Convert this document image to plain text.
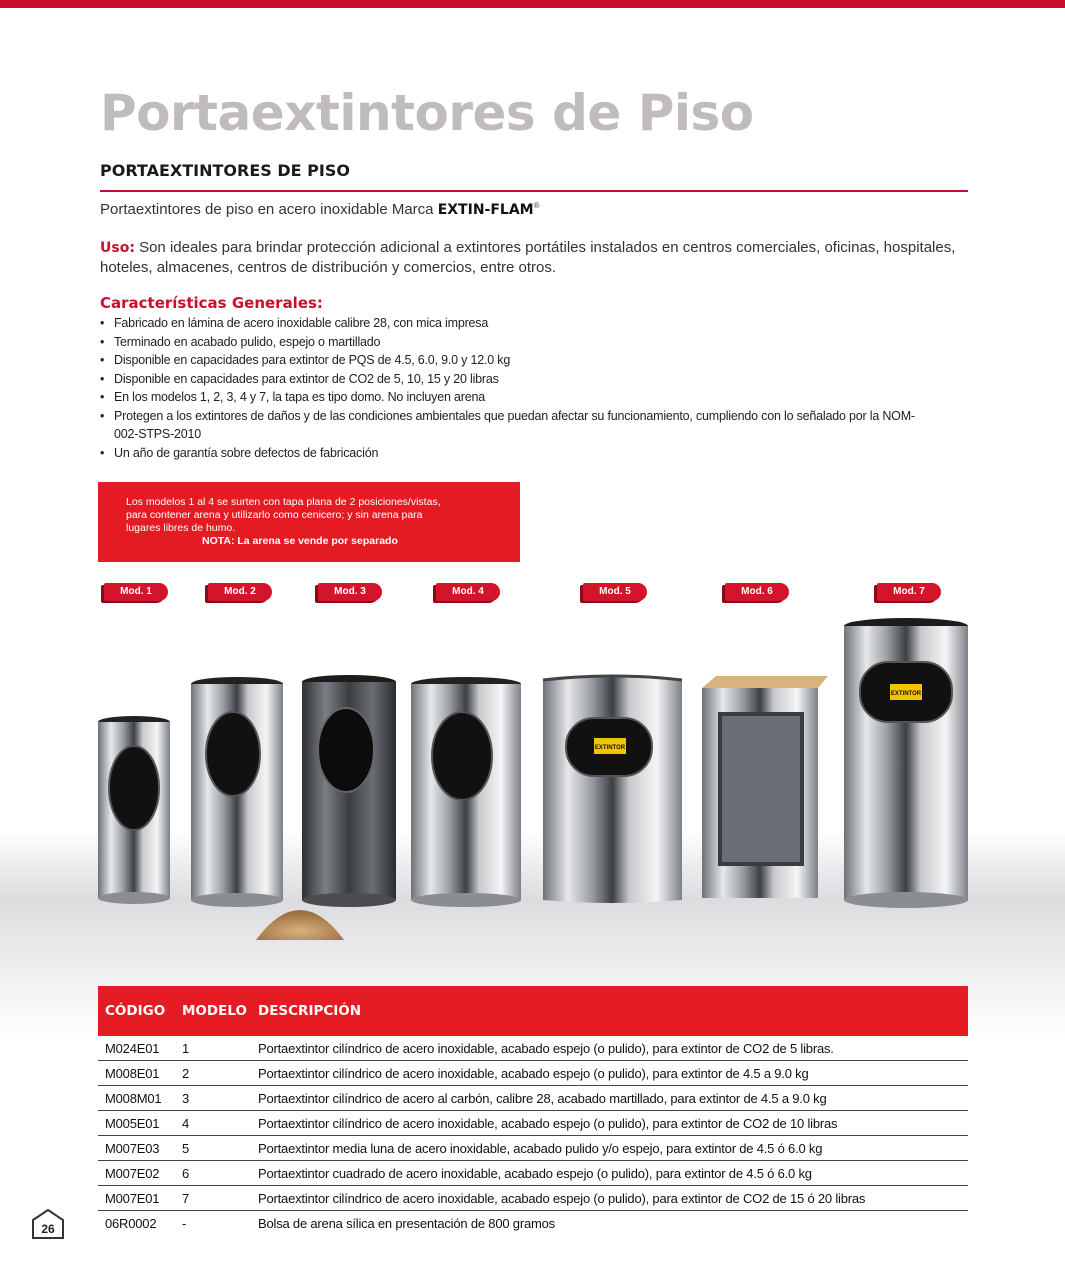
Portaextintores de Piso
PORTAEXTINTORES DE PISO

Portaextintores de piso en acero inoxidable Marca EXTIN-FLAM®

Uso: Son ideales para brindar protección adicional a extintores portátiles instalados en centros comerciales, oficinas, hospitales, hoteles, almacenes, centros de distribución y comercios, entre otros.

Características Generales:
• Fabricado en lámina de acero inoxidable calibre 28, con mica impresa
• Terminado en acabado pulido, espejo o martillado
• Disponible en capacidades para extintor de PQS de 4.5, 6.0, 9.0 y 12.0 kg
• Disponible en capacidades para extintor de CO2 de 5, 10, 15 y 20 libras
• En los modelos 1, 2, 3, 4 y 7, la tapa es tipo domo. No incluyen arena
• Protegen a los extintores de daños y de las condiciones ambientales que puedan afectar su funcionamiento, cumpliendo con lo señalado por la NOM-002-STPS-2010
• Un año de garantía sobre defectos de fabricación
Los modelos 1 al 4 se surten con tapa plana de 2 posiciones/vistas,
para contener arena y utilizarlo como cenicero; y sin arena para
lugares libres de humo.
NOTA: La arena se vende por separado
Mod. 1	Mod. 2	Mod. 3	Mod. 4	Mod. 5	Mod. 6	Mod. 7
EXTINTOR
EXTINTOR
CÓDIGO	MODELO DESCRIPCIÓN
M024E01	1	Portaextintor cilíndrico de acero inoxidable, acabado espejo (o pulido), para extintor de CO2 de 5 libras.
M008E01	2	Portaextintor cilíndrico de acero inoxidable, acabado espejo (o pulido), para extintor de 4.5 a 9.0 kg
M008M01	3	Portaextintor cilíndrico de acero al carbón, calibre 28, acabado martillado, para extintor de 4.5 a 9.0 kg
M005E01	4	Portaextintor cilíndrico de acero inoxidable, acabado espejo (o pulido), para extintor de CO2 de 10 libras
M007E03	5	Portaextintor media luna de acero inoxidable, acabado pulido y/o espejo, para extintor de 4.5 ó 6.0 kg
M007E02	6	Portaextintor cuadrado de acero inoxidable, acabado espejo (o pulido), para extintor de 4.5 ó 6.0 kg
M007E01	7	Portaextintor cilíndrico de acero inoxidable, acabado espejo (o pulido), para extintor de CO2 de 15 ó 20 libras
06R0002	-	Bolsa de arena sílica en presentación de 800 gramos
26
